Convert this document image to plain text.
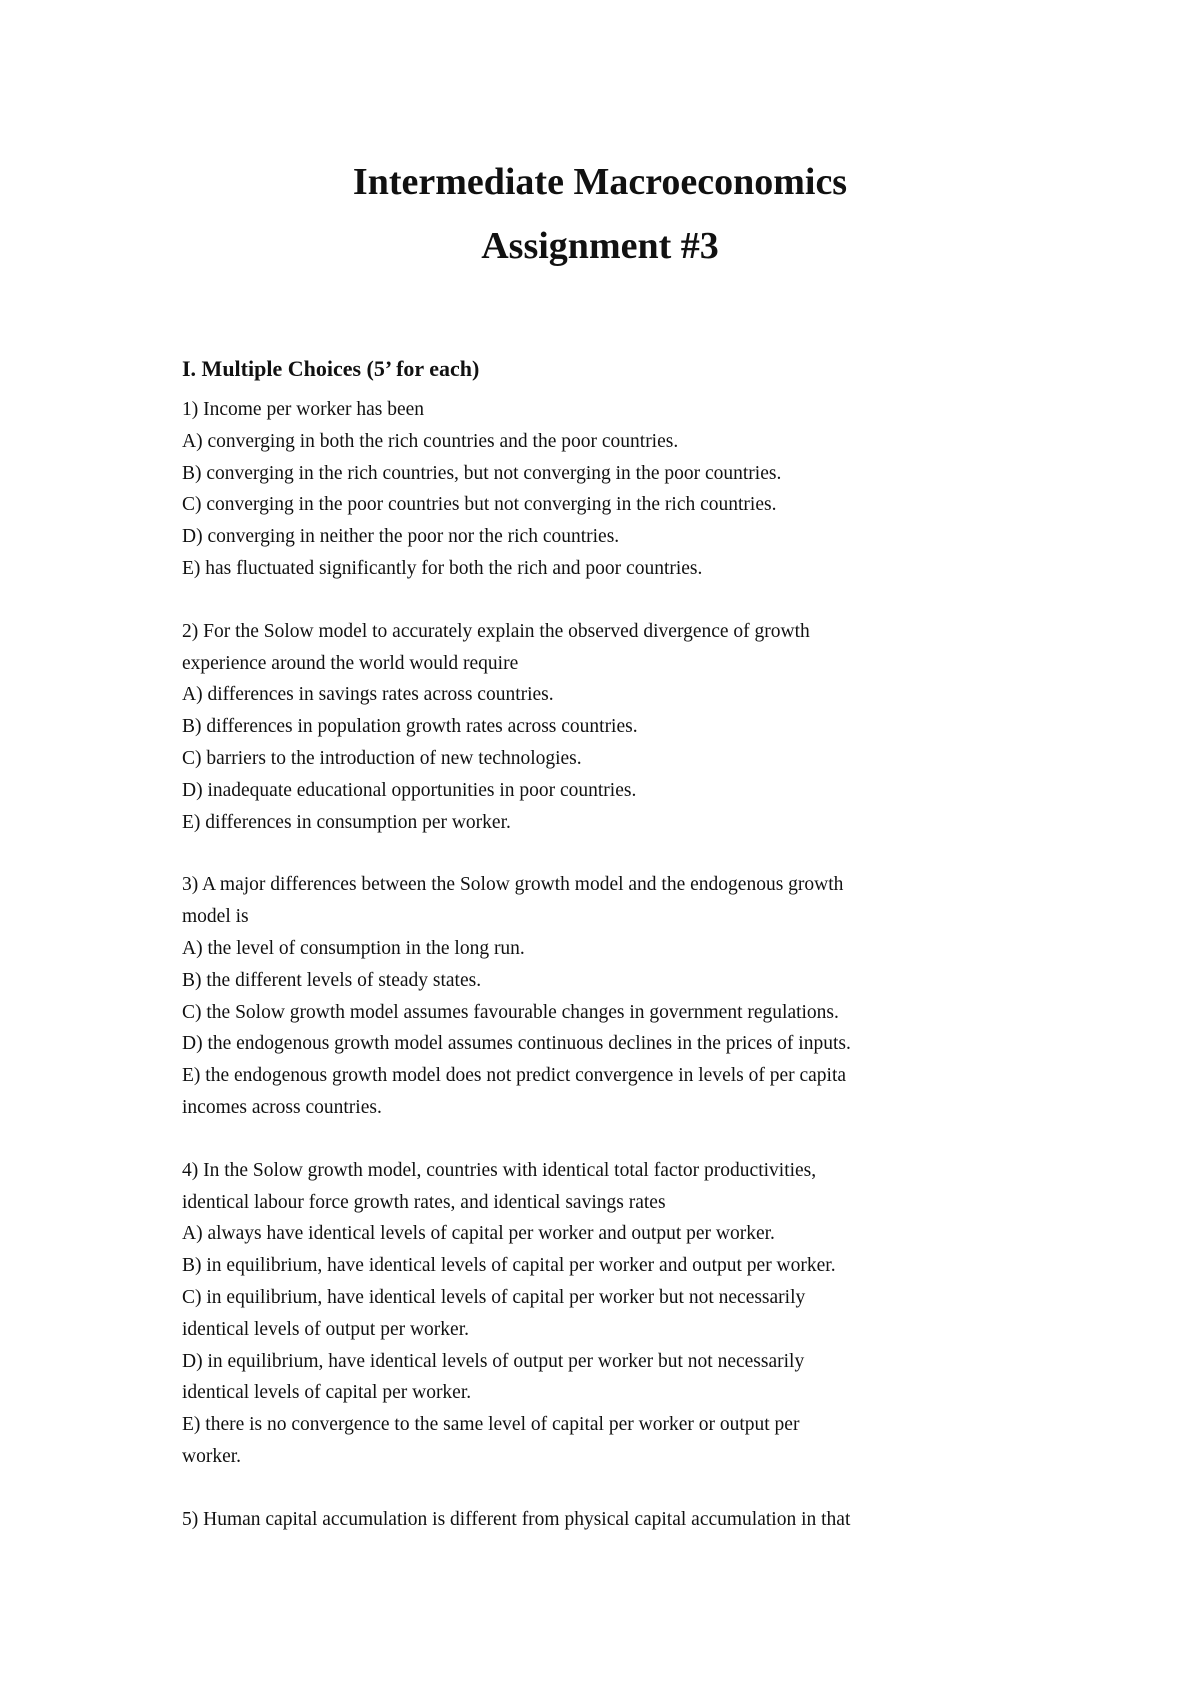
Intermediate Macroeconomics

Assignment #3

I. Multiple Choices (5’ for each)

1) Income per worker has been

A) converging in both the rich countries and the poor countries.

B) converging in the rich countries, but not converging in the poor countries.

C) converging in the poor countries but not converging in the rich countries.

D) converging in neither the poor nor the rich countries.

E) has fluctuated significantly for both the rich and poor countries.

2) For the Solow model to accurately explain the observed divergence of growth

experience around the world would require

A) differences in savings rates across countries.

B) differences in population growth rates across countries.

C) barriers to the introduction of new technologies.

D) inadequate educational opportunities in poor countries.

E) differences in consumption per worker.

3) A major differences between the Solow growth model and the endogenous growth

model is

A) the level of consumption in the long run.

B) the different levels of steady states.

C) the Solow growth model assumes favourable changes in government regulations.

D) the endogenous growth model assumes continuous declines in the prices of inputs.

E) the endogenous growth model does not predict convergence in levels of per capita

incomes across countries.

4) In the Solow growth model, countries with identical total factor productivities,

identical labour force growth rates, and identical savings rates

A) always have identical levels of capital per worker and output per worker.

B) in equilibrium, have identical levels of capital per worker and output per worker.

C) in equilibrium, have identical levels of capital per worker but not necessarily

identical levels of output per worker.

D) in equilibrium, have identical levels of output per worker but not necessarily

identical levels of capital per worker.

E) there is no convergence to the same level of capital per worker or output per

worker.

5) Human capital accumulation is different from physical capital accumulation in that
